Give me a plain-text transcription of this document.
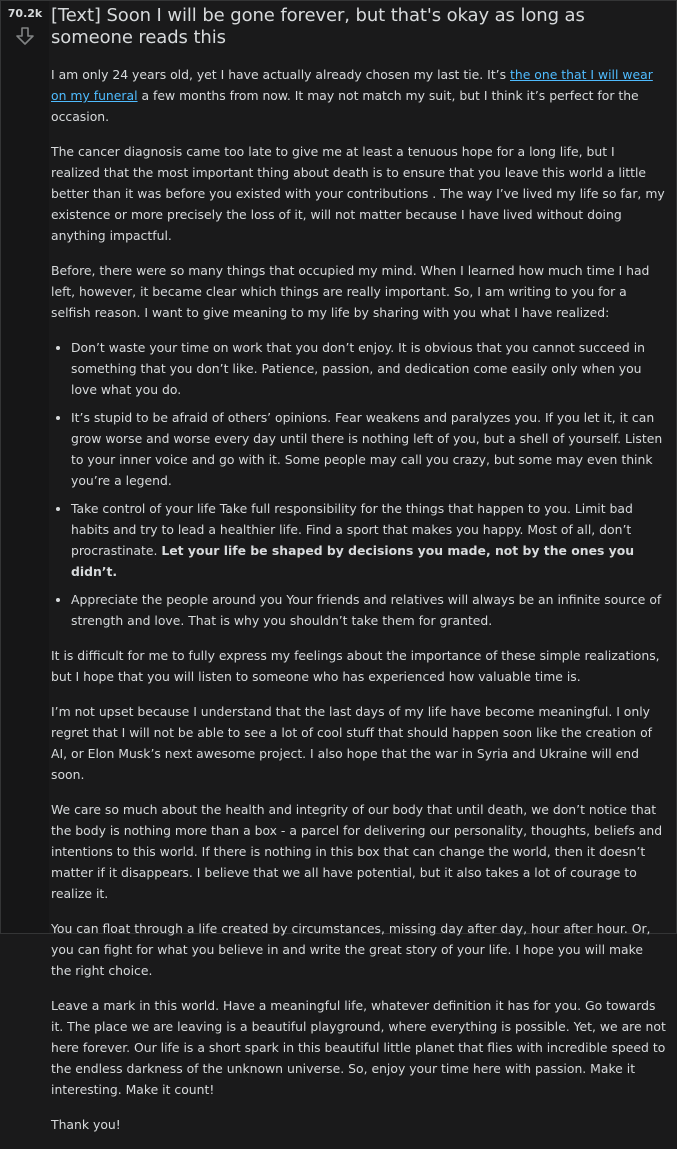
70.2k [Text] Soon I will be gone forever, but that's okay as long as someone reads this

I am only 24 years old, yet I have actually already chosen my last tie. It’s the one that I will wear on my funeral a few months from now. It may not match my suit, but I think it’s perfect for the occasion.

The cancer diagnosis came too late to give me at least a tenuous hope for a long life, but I realized that the most important thing about death is to ensure that you leave this world a little better than it was before you existed with your contributions . The way I’ve lived my life so far, my existence or more precisely the loss of it, will not matter because I have lived without doing anything impactful.

Before, there were so many things that occupied my mind. When I learned how much time I had left, however, it became clear which things are really important. So, I am writing to you for a selfish reason. I want to give meaning to my life by sharing with you what I have realized:

• Don’t waste your time on work that you don’t enjoy. It is obvious that you cannot succeed in something that you don’t like. Patience, passion, and dedication come easily only when you love what you do.
• It’s stupid to be afraid of others’ opinions. Fear weakens and paralyzes you. If you let it, it can grow worse and worse every day until there is nothing left of you, but a shell of yourself. Listen to your inner voice and go with it. Some people may call you crazy, but some may even think you’re a legend.
• Take control of your life Take full responsibility for the things that happen to you. Limit bad habits and try to lead a healthier life. Find a sport that makes you happy. Most of all, don’t procrastinate. Let your life be shaped by decisions you made, not by the ones you didn’t.
• Appreciate the people around you Your friends and relatives will always be an infinite source of strength and love. That is why you shouldn’t take them for granted.

It is difficult for me to fully express my feelings about the importance of these simple realizations, but I hope that you will listen to someone who has experienced how valuable time is.

I’m not upset because I understand that the last days of my life have become meaningful. I only regret that I will not be able to see a lot of cool stuff that should happen soon like the creation of AI, or Elon Musk’s next awesome project. I also hope that the war in Syria and Ukraine will end soon.

We care so much about the health and integrity of our body that until death, we don’t notice that the body is nothing more than a box - a parcel for delivering our personality, thoughts, beliefs and intentions to this world. If there is nothing in this box that can change the world, then it doesn’t matter if it disappears. I believe that we all have potential, but it also takes a lot of courage to realize it.

You can float through a life created by circumstances, missing day after day, hour after hour. Or, you can fight for what you believe in and write the great story of your life. I hope you will make the right choice.

Leave a mark in this world. Have a meaningful life, whatever definition it has for you. Go towards it. The place we are leaving is a beautiful playground, where everything is possible. Yet, we are not here forever. Our life is a short spark in this beautiful little planet that flies with incredible speed to the endless darkness of the unknown universe. So, enjoy your time here with passion. Make it interesting. Make it count!

Thank you!
